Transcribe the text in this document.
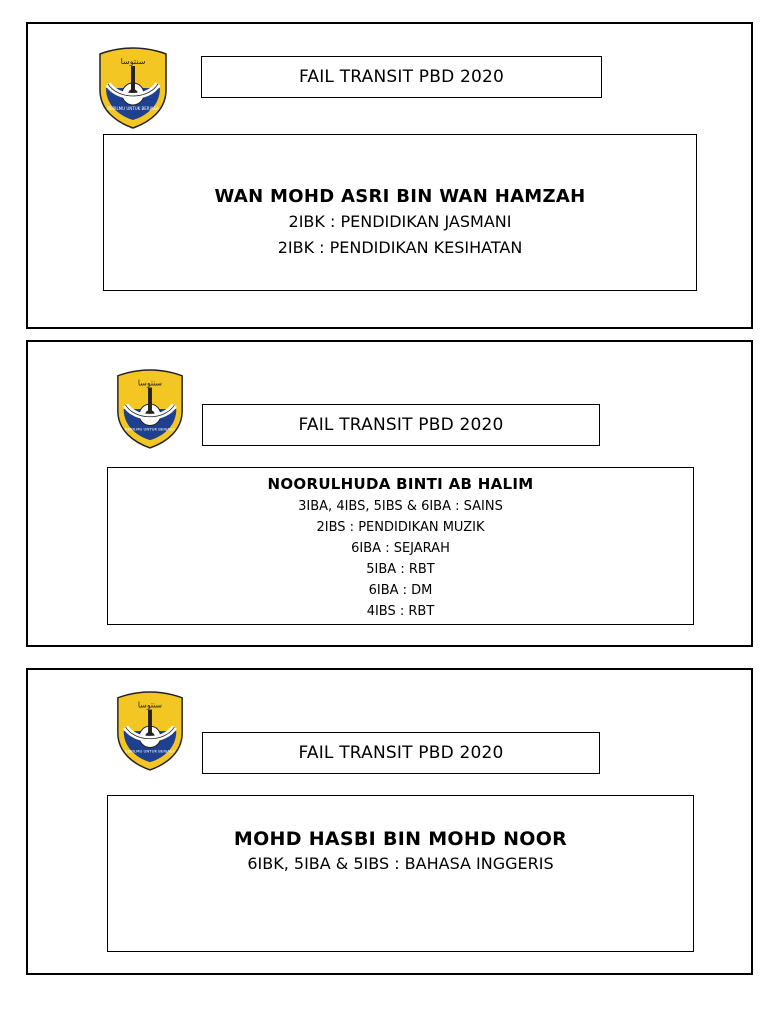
ﺳﻨﺘﻮﺳﺎ
BERILMU UNTUK BERJASA
FAIL TRANSIT PBD 2020
WAN MOHD ASRI BIN WAN HAMZAH
2IBK : PENDIDIKAN JASMANI
2IBK : PENDIDIKAN KESIHATAN
ﺳﻨﺘﻮﺳﺎ
BERILMU UNTUK BERJASA	FAIL TRANSIT PBD 2020
NOORULHUDA BINTI AB HALIM
3IBA, 4IBS, 5IBS & 6IBA : SAINS
2IBS : PENDIDIKAN MUZIK
6IBA : SEJARAH
5IBA : RBT
6IBA : DM
4IBS : RBT
ﺳﻨﺘﻮﺳﺎ
BERILMU UNTUK BERJASA	FAIL TRANSIT PBD 2020
MOHD HASBI BIN MOHD NOOR
6IBK, 5IBA & 5IBS : BAHASA INGGERIS
